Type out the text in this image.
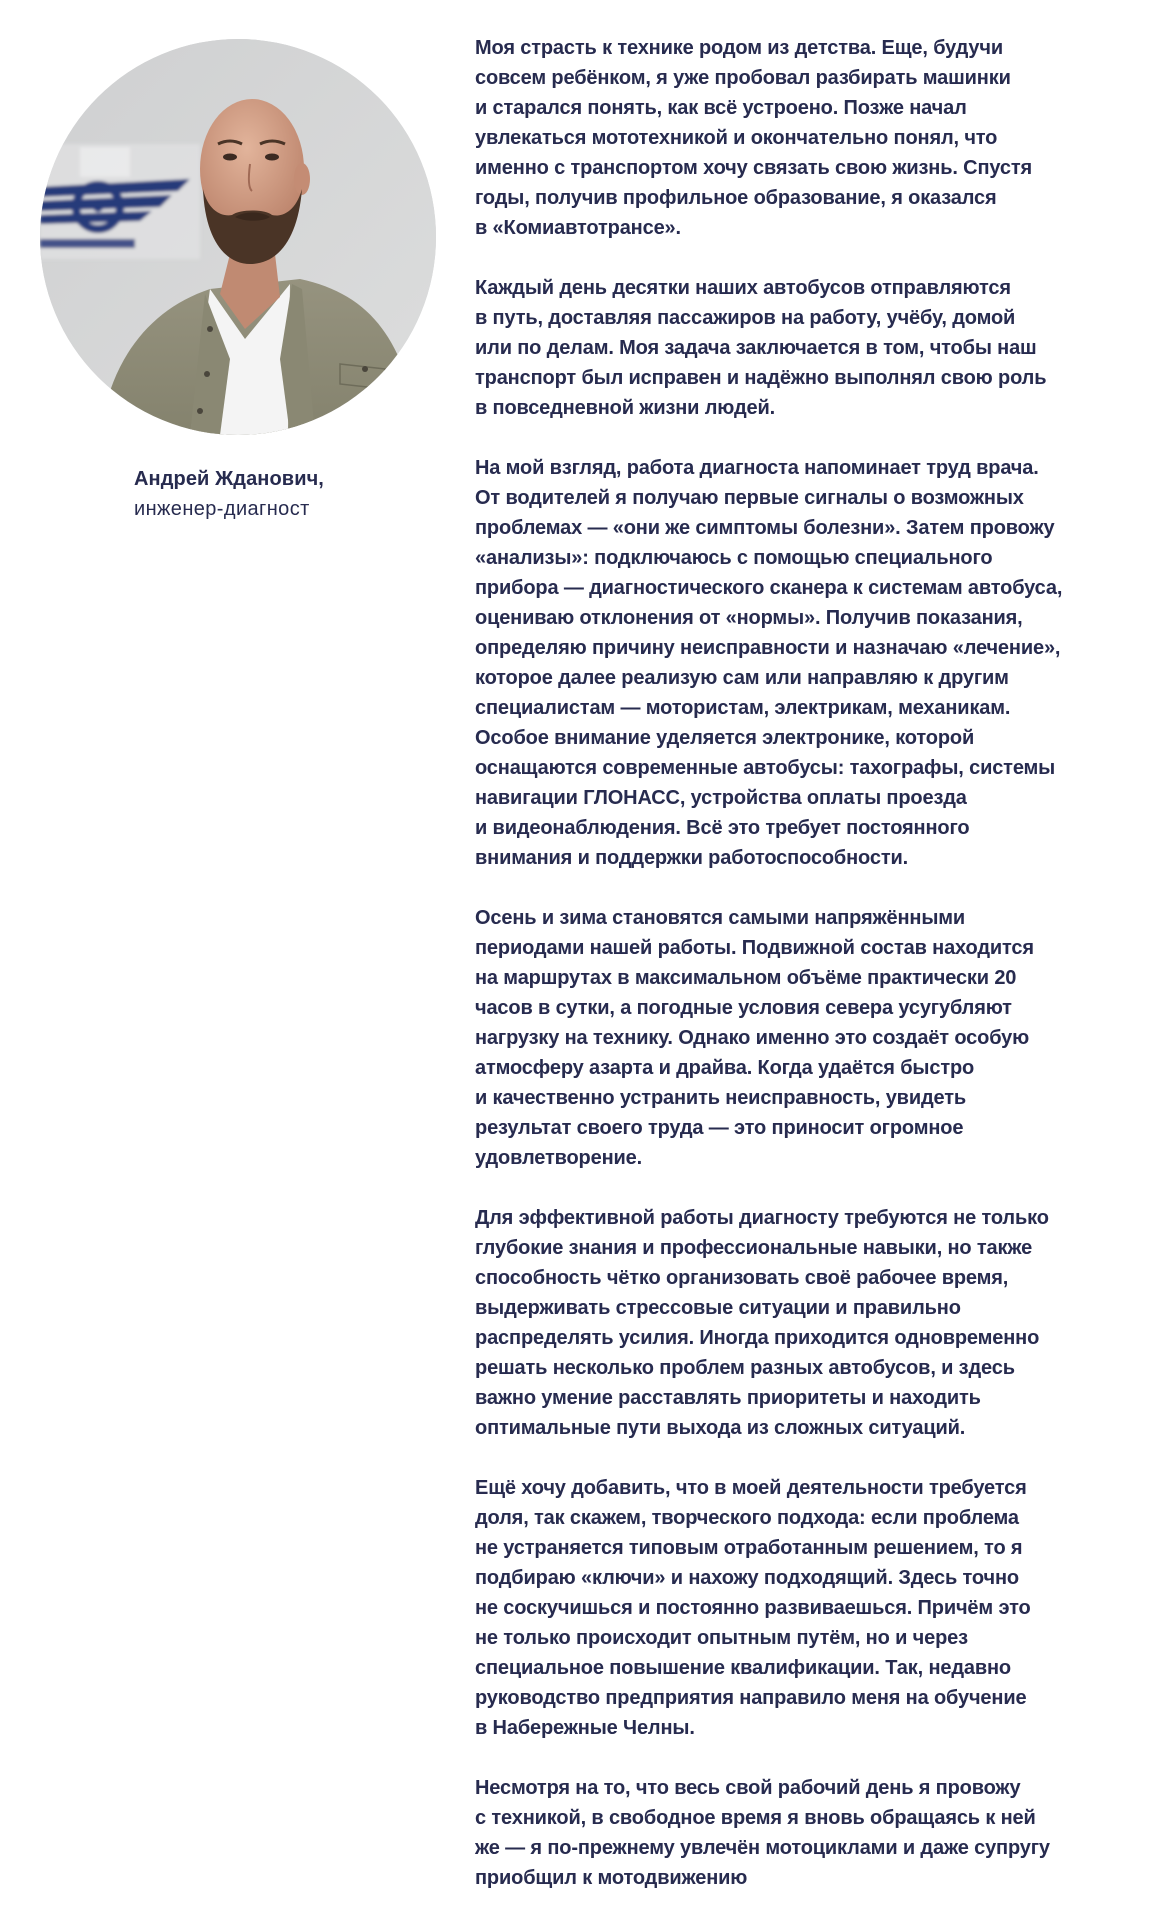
Андрей Жданович,
инженер-диагност
Моя страсть к технике родом из детства. Еще, будучи
совсем ребёнком, я уже пробовал разбирать машинки
и старался понять, как всё устроено. Позже начал
увлекаться мототехникой и окончательно понял, что
именно с транспортом хочу связать свою жизнь. Спустя
годы, получив профильное образование, я оказался
в «Комиавтотрансе».
Каждый день десятки наших автобусов отправляются
в путь, доставляя пассажиров на работу, учёбу, домой
или по делам. Моя задача заключается в том, чтобы наш
транспорт был исправен и надёжно выполнял свою роль
в повседневной жизни людей.
На мой взгляд, работа диагноста напоминает труд врача.
От водителей я получаю первые сигналы о возможных
проблемах — «они же симптомы болезни». Затем провожу
«анализы»: подключаюсь с помощью специального
прибора — диагностического сканера к системам автобуса,
оцениваю отклонения от «нормы». Получив показания,
определяю причину неисправности и назначаю «лечение»,
которое далее реализую сам или направляю к другим
специалистам — мотористам, электрикам, механикам.
Особое внимание уделяется электронике, которой
оснащаются современные автобусы: тахографы, системы
навигации ГЛОНАСС, устройства оплаты проезда
и видеонаблюдения. Всё это требует постоянного
внимания и поддержки работоспособности.
Осень и зима становятся самыми напряжёнными
периодами нашей работы. Подвижной состав находится
на маршрутах в максимальном объёме практически 20
часов в сутки, а погодные условия севера усугубляют
нагрузку на технику. Однако именно это создаёт особую
атмосферу азарта и драйва. Когда удаётся быстро
и качественно устранить неисправность, увидеть
результат своего труда — это приносит огромное
удовлетворение.
Для эффективной работы диагносту требуются не только
глубокие знания и профессиональные навыки, но также
способность чётко организовать своё рабочее время,
выдерживать стрессовые ситуации и правильно
распределять усилия. Иногда приходится одновременно
решать несколько проблем разных автобусов, и здесь
важно умение расставлять приоритеты и находить
оптимальные пути выхода из сложных ситуаций.
Ещё хочу добавить, что в моей деятельности требуется
доля, так скажем, творческого подхода: если проблема
не устраняется типовым отработанным решением, то я
подбираю «ключи» и нахожу подходящий. Здесь точно
не соскучишься и постоянно развиваешься. Причём это
не только происходит опытным путём, но и через
специальное повышение квалификации. Так, недавно
руководство предприятия направило меня на обучение
в Набережные Челны.
Несмотря на то, что весь свой рабочий день я провожу
с техникой, в свободное время я вновь обращаясь к ней
же — я по-прежнему увлечён мотоциклами и даже супругу
приобщил к мотодвижению
